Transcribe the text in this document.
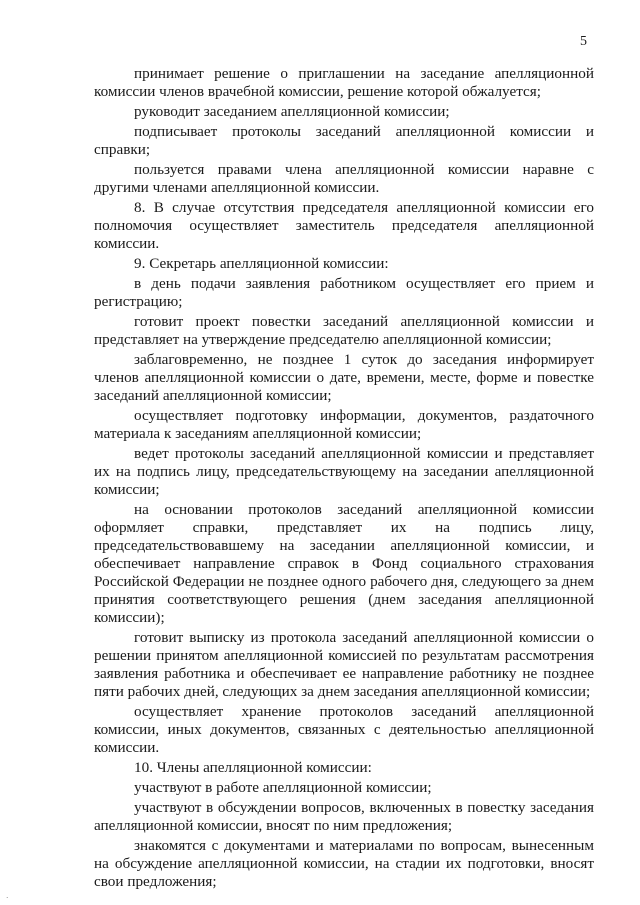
5

принимает решение о приглашении на заседание апелляционной комиссии членов врачебной комиссии, решение которой обжалуется;

руководит заседанием апелляционной комиссии;

подписывает протоколы заседаний апелляционной комиссии и справки;

пользуется правами члена апелляционной комиссии наравне с другими членами апелляционной комиссии.

8. В случае отсутствия председателя апелляционной комиссии его полномочия осуществляет заместитель председателя апелляционной комиссии.

9. Секретарь апелляционной комиссии:

в день подачи заявления работником осуществляет его прием и регистрацию;

готовит проект повестки заседаний апелляционной комиссии и представляет на утверждение председателю апелляционной комиссии;

заблаговременно, не позднее 1 суток до заседания информирует членов апелляционной комиссии о дате, времени, месте, форме и повестке заседаний апелляционной комиссии;

осуществляет подготовку информации, документов, раздаточного материала к заседаниям апелляционной комиссии;

ведет протоколы заседаний апелляционной комиссии и представляет их на подпись лицу, председательствующему на заседании апелляционной комиссии;

на основании протоколов заседаний апелляционной комиссии оформляет справки, представляет их на подпись лицу, председательствовавшему на заседании апелляционной комиссии, и обеспечивает направление справок в Фонд социального страхования Российской Федерации не позднее одного рабочего дня, следующего за днем принятия соответствующего решения (днем заседания апелляционной комиссии);

готовит выписку из протокола заседаний апелляционной комиссии о решении принятом апелляционной комиссией по результатам рассмотрения заявления работника и обеспечивает ее направление работнику не позднее пяти рабочих дней, следующих за днем заседания апелляционной комиссии;

осуществляет хранение протоколов заседаний апелляционной комиссии, иных документов, связанных с деятельностью апелляционной комиссии.

10. Члены апелляционной комиссии:

участвуют в работе апелляционной комиссии;

участвуют в обсуждении вопросов, включенных в повестку заседания апелляционной комиссии, вносят по ним предложения;

знакомятся с документами и материалами по вопросам, вынесенным на обсуждение апелляционной комиссии, на стадии их подготовки, вносят свои предложения;

·
